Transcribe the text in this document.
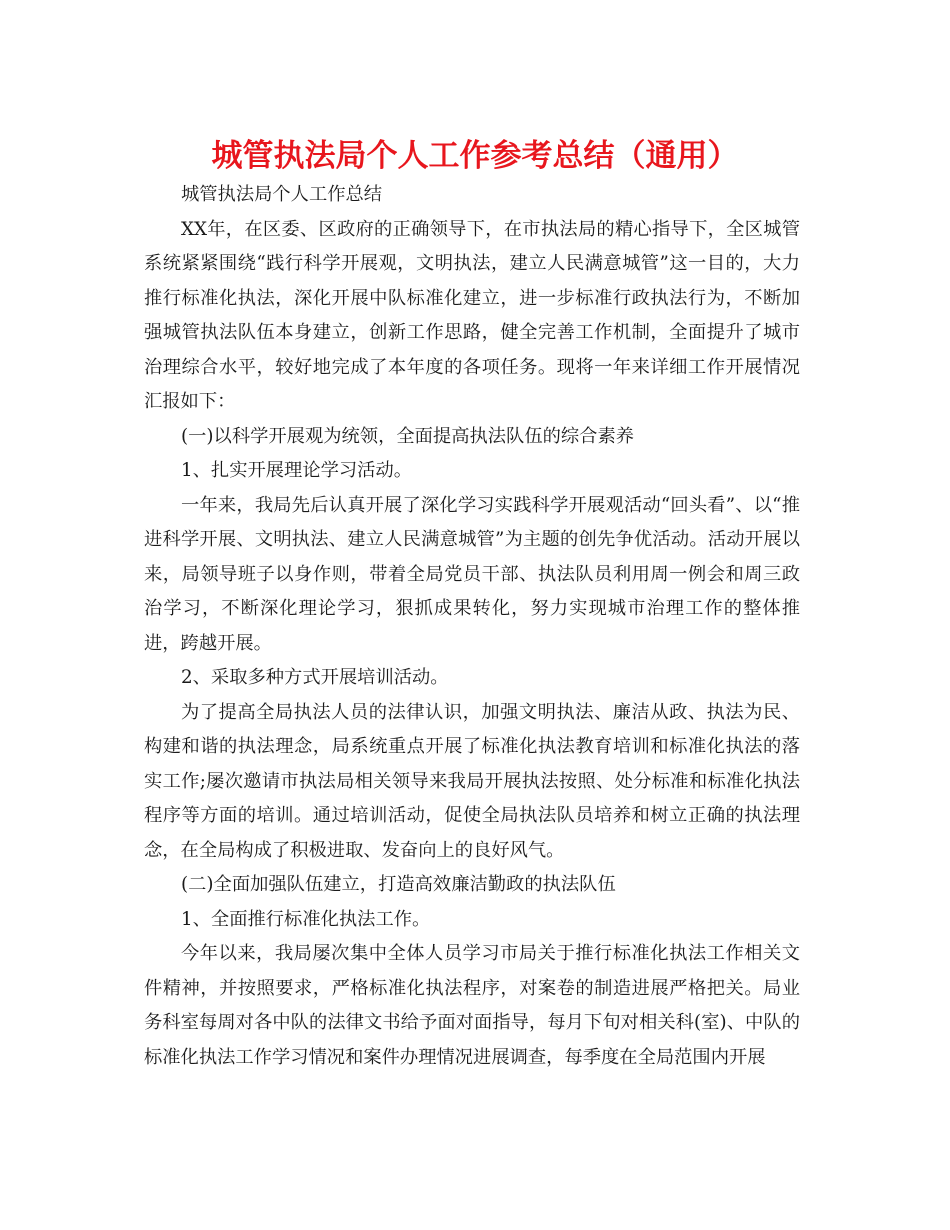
城管执法局个人工作参考总结（通用）

城管执法局个人工作总结

XX年，在区委、区政府的正确领导下，在市执法局的精心指导下，全区城管系统紧紧围绕“践行科学开展观，文明执法，建立人民满意城管”这一目的，大力推行标准化执法，深化开展中队标准化建立，进一步标准行政执法行为，不断加强城管执法队伍本身建立，创新工作思路，健全完善工作机制，全面提升了城市治理综合水平，较好地完成了本年度的各项任务。现将一年来详细工作开展情况汇报如下：

(一)以科学开展观为统领，全面提高执法队伍的综合素养

1、扎实开展理论学习活动。

一年来，我局先后认真开展了深化学习实践科学开展观活动“回头看”、以“推进科学开展、文明执法、建立人民满意城管”为主题的创先争优活动。活动开展以来，局领导班子以身作则，带着全局党员干部、执法队员利用周一例会和周三政治学习，不断深化理论学习，狠抓成果转化，努力实现城市治理工作的整体推进，跨越开展。

2、采取多种方式开展培训活动。

为了提高全局执法人员的法律认识，加强文明执法、廉洁从政、执法为民、构建和谐的执法理念，局系统重点开展了标准化执法教育培训和标准化执法的落实工作;屡次邀请市执法局相关领导来我局开展执法按照、处分标准和标准化执法程序等方面的培训。通过培训活动，促使全局执法队员培养和树立正确的执法理念，在全局构成了积极进取、发奋向上的良好风气。

(二)全面加强队伍建立，打造高效廉洁勤政的执法队伍

1、全面推行标准化执法工作。

今年以来，我局屡次集中全体人员学习市局关于推行标准化执法工作相关文件精神，并按照要求，严格标准化执法程序，对案卷的制造进展严格把关。局业务科室每周对各中队的法律文书给予面对面指导，每月下旬对相关科(室)、中队的标准化执法工作学习情况和案件办理情况进展调查，每季度在全局范围内开展
